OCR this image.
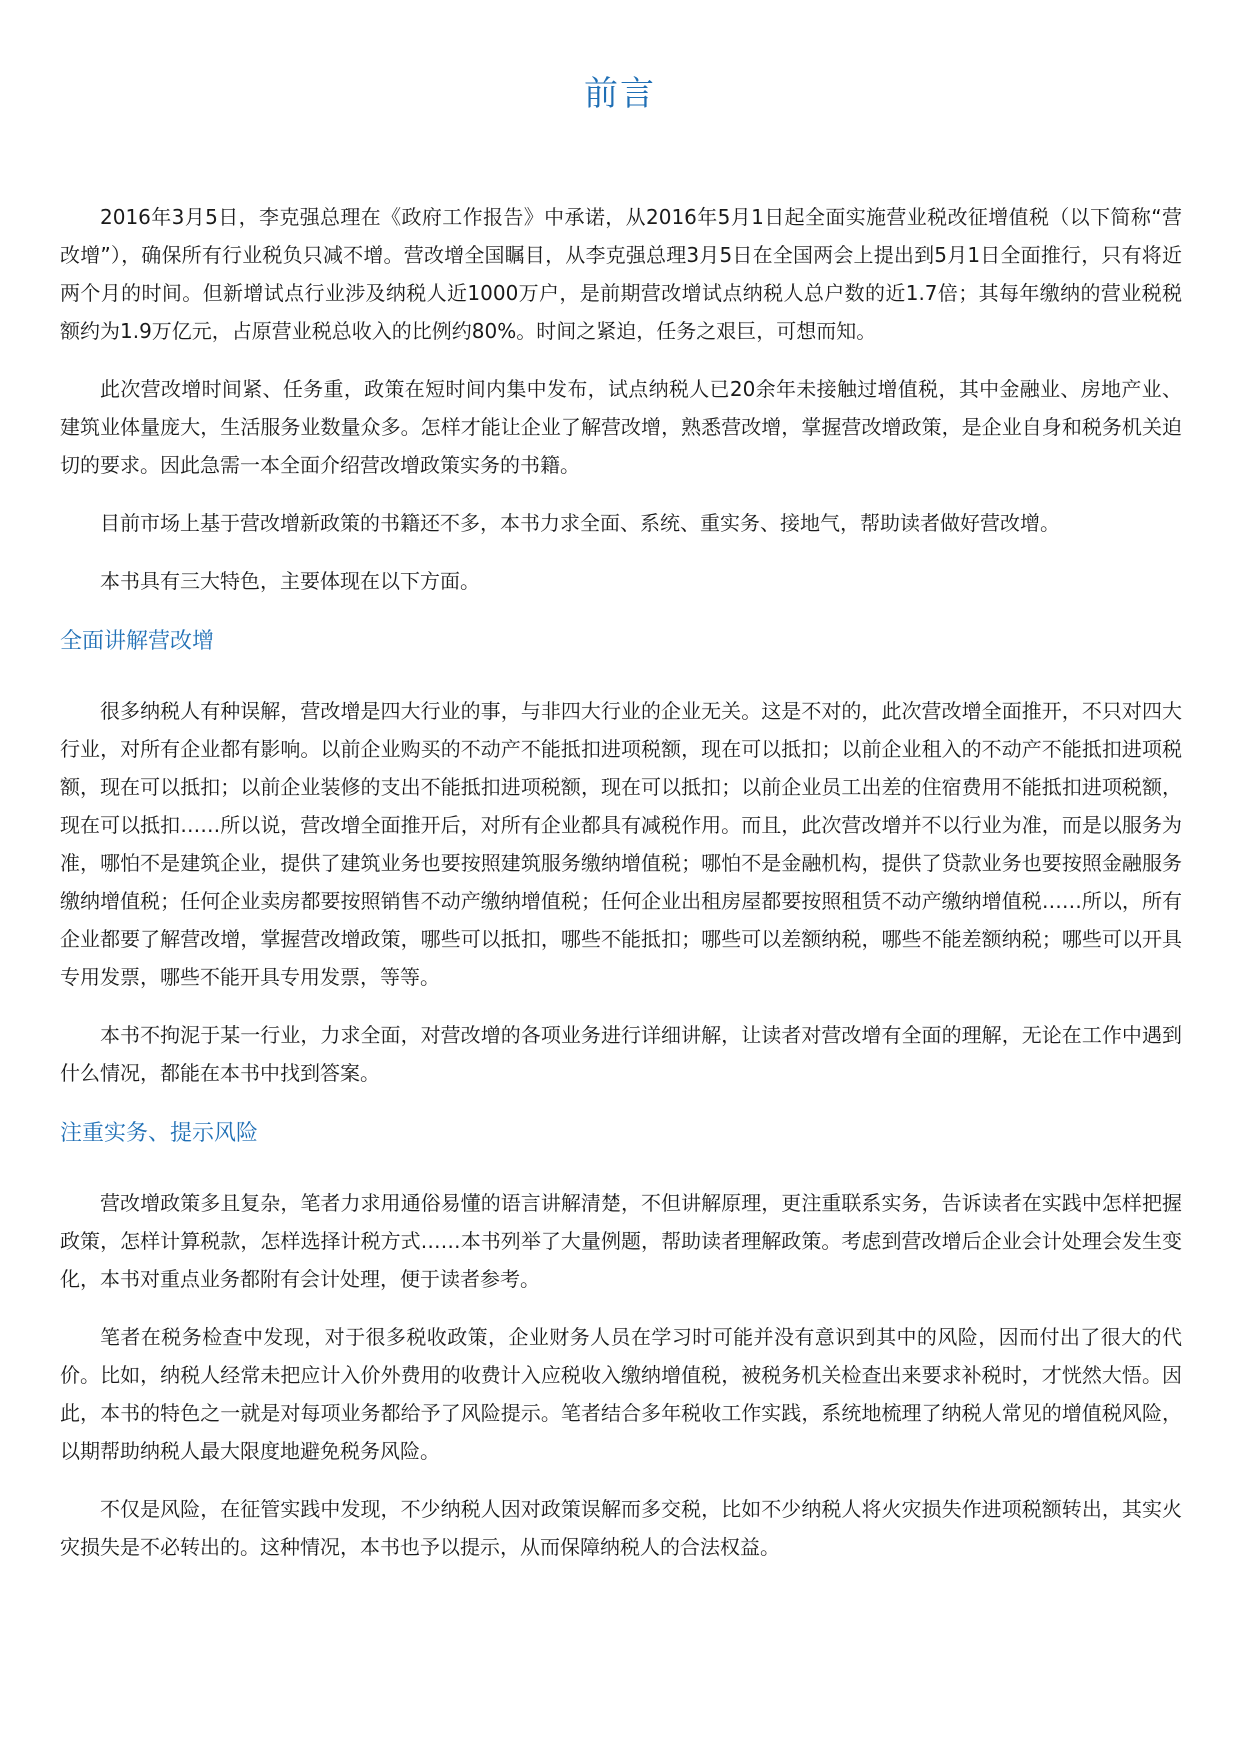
前言

2016年3月5日，李克强总理在《政府工作报告》中承诺，从2016年5月1日起全面实施营业税改征增值税（以下简称“营改增”），确保所有行业税负只减不增。营改增全国瞩目，从李克强总理3月5日在全国两会上提出到5月1日全面推行，只有将近两个月的时间。但新增试点行业涉及纳税人近1000万户，是前期营改增试点纳税人总户数的近1.7倍；其每年缴纳的营业税税额约为1.9万亿元，占原营业税总收入的比例约80%。时间之紧迫，任务之艰巨，可想而知。

此次营改增时间紧、任务重，政策在短时间内集中发布，试点纳税人已20余年未接触过增值税，其中金融业、房地产业、建筑业体量庞大，生活服务业数量众多。怎样才能让企业了解营改增，熟悉营改增，掌握营改增政策，是企业自身和税务机关迫切的要求。因此急需一本全面介绍营改增政策实务的书籍。

目前市场上基于营改增新政策的书籍还不多，本书力求全面、系统、重实务、接地气，帮助读者做好营改增。

本书具有三大特色，主要体现在以下方面。

全面讲解营改增

很多纳税人有种误解，营改增是四大行业的事，与非四大行业的企业无关。这是不对的，此次营改增全面推开，不只对四大行业，对所有企业都有影响。以前企业购买的不动产不能抵扣进项税额，现在可以抵扣；以前企业租入的不动产不能抵扣进项税额，现在可以抵扣；以前企业装修的支出不能抵扣进项税额，现在可以抵扣；以前企业员工出差的住宿费用不能抵扣进项税额，现在可以抵扣……所以说，营改增全面推开后，对所有企业都具有减税作用。而且，此次营改增并不以行业为准，而是以服务为准，哪怕不是建筑企业，提供了建筑业务也要按照建筑服务缴纳增值税；哪怕不是金融机构，提供了贷款业务也要按照金融服务缴纳增值税；任何企业卖房都要按照销售不动产缴纳增值税；任何企业出租房屋都要按照租赁不动产缴纳增值税……所以，所有企业都要了解营改增，掌握营改增政策，哪些可以抵扣，哪些不能抵扣；哪些可以差额纳税，哪些不能差额纳税；哪些可以开具专用发票，哪些不能开具专用发票，等等。

本书不拘泥于某一行业，力求全面，对营改增的各项业务进行详细讲解，让读者对营改增有全面的理解，无论在工作中遇到什么情况，都能在本书中找到答案。

注重实务、提示风险

营改增政策多且复杂，笔者力求用通俗易懂的语言讲解清楚，不但讲解原理，更注重联系实务，告诉读者在实践中怎样把握政策，怎样计算税款，怎样选择计税方式……本书列举了大量例题，帮助读者理解政策。考虑到营改增后企业会计处理会发生变化，本书对重点业务都附有会计处理，便于读者参考。

笔者在税务检查中发现，对于很多税收政策，企业财务人员在学习时可能并没有意识到其中的风险，因而付出了很大的代价。比如，纳税人经常未把应计入价外费用的收费计入应税收入缴纳增值税，被税务机关检查出来要求补税时，才恍然大悟。因此，本书的特色之一就是对每项业务都给予了风险提示。笔者结合多年税收工作实践，系统地梳理了纳税人常见的增值税风险，以期帮助纳税人最大限度地避免税务风险。

不仅是风险，在征管实践中发现，不少纳税人因对政策误解而多交税，比如不少纳税人将火灾损失作进项税额转出，其实火灾损失是不必转出的。这种情况，本书也予以提示，从而保障纳税人的合法权益。
